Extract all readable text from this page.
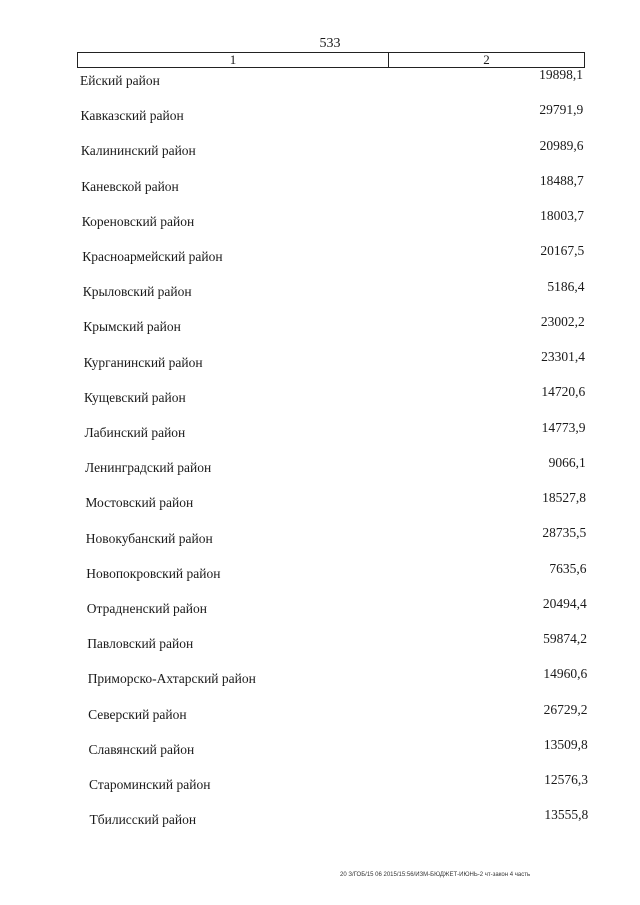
533
1	2
Ейский район	19898,1
Кавказский район	29791,9
Калининский район	20989,6
Каневской район	18488,7
Кореновский район	18003,7
Красноармейский район	20167,5
Крыловский район	5186,4
Крымский район	23002,2
Курганинский район	23301,4
Кущевский район	14720,6
Лабинский район	14773,9
Ленинградский район	9066,1
Мостовский район	18527,8
Новокубанский район	28735,5
Новопокровский район	7635,6
Отрадненский район	20494,4
Павловский район	59874,2
Приморско-Ахтарский район	14960,6
Северский район	26729,2
Славянский район	13509,8
Староминский район	12576,3
Тбилисский район	13555,8
20 З/ГОБ/15 06 2015/15:56/ИЗМ-БЮДЖЕТ-ИЮНЬ-2 чт-закон 4 часть
